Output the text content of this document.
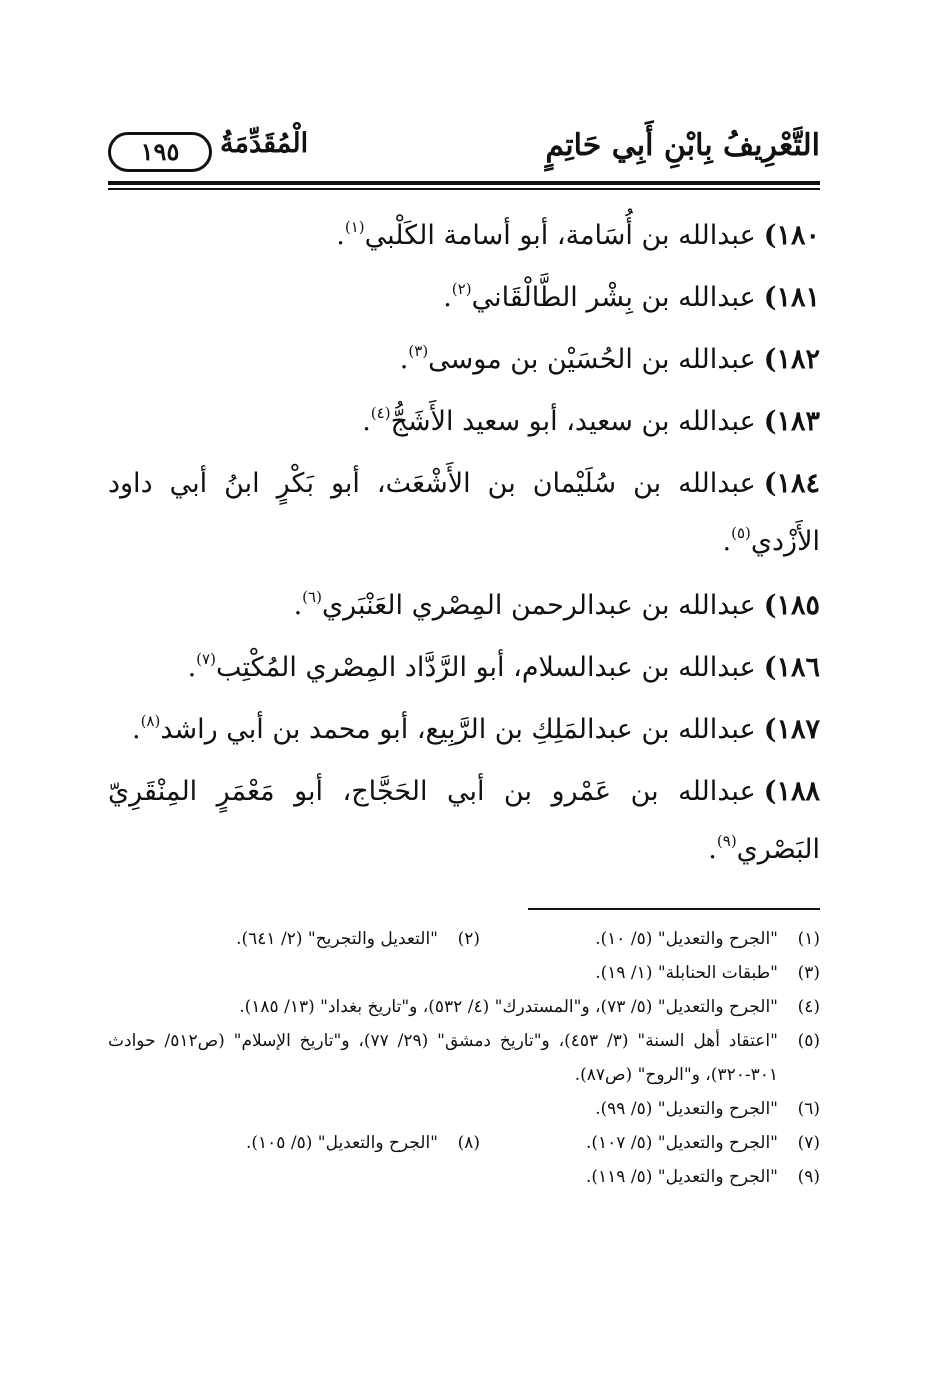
التَّعْرِيفُ بِابْنِ أَبِي حَاتِمٍ
الْمُقَدِّمَةُ
١٩٥
١٨٠)عبدالله بن أُسَامة، أبو أسامة الكَلْبي$^{(١)}$.
١٨١)عبدالله بن بِشْر الطَّالْقَاني$^{(٢)}$.
١٨٢)عبدالله بن الحُسَيْن بن موسى$^{(٣)}$.
١٨٣)عبدالله بن سعيد، أبو سعيد الأَشَجُّ$^{(٤)}$.
١٨٤)عبدالله بن سُلَيْمان بن الأَشْعَث، أبو بَكْرٍ ابنُ أبي داود الأَزْدي$^{(٥)}$.
١٨٥)عبدالله بن عبدالرحمن المِصْري العَنْبَري$^{(٦)}$.
١٨٦)عبدالله بن عبدالسلام، أبو الرَّدَّاد المِصْري المُكْتِب$^{(٧)}$.
١٨٧)عبدالله بن عبدالمَلِكِ بن الرَّبِيع، أبو محمد بن أبي راشد$^{(٨)}$.
١٨٨)عبدالله بن عَمْرو بن أبي الحَجَّاج، أبو مَعْمَرٍ المِنْقَرِيّ البَصْري$^{(٩)}$.
(١)
"الجرح والتعديل" (٥/ ١٠).
(٢)
"التعديل والتجريح" (٢/ ٦٤١).
(٣)
"طبقات الحنابلة" (١/ ١٩).
(٤)
"الجرح والتعديل" (٥/ ٧٣)، و"المستدرك" (٤/ ٥٣٢)، و"تاريخ بغداد" (١٣/ ١٨٥).
(٥)
"اعتقاد أهل السنة" (٣/ ٤٥٣)، و"تاريخ دمشق" (٢٩/ ٧٧)، و"تاريخ الإسلام" (ص٥١٢/ حوادث ٣٠١-٣٢٠)، و"الروح" (ص٨٧).
(٦)
"الجرح والتعديل" (٥/ ٩٩).
(٧)
"الجرح والتعديل" (٥/ ١٠٧).
(٨)
"الجرح والتعديل" (٥/ ١٠٥).
(٩)
"الجرح والتعديل" (٥/ ١١٩).
